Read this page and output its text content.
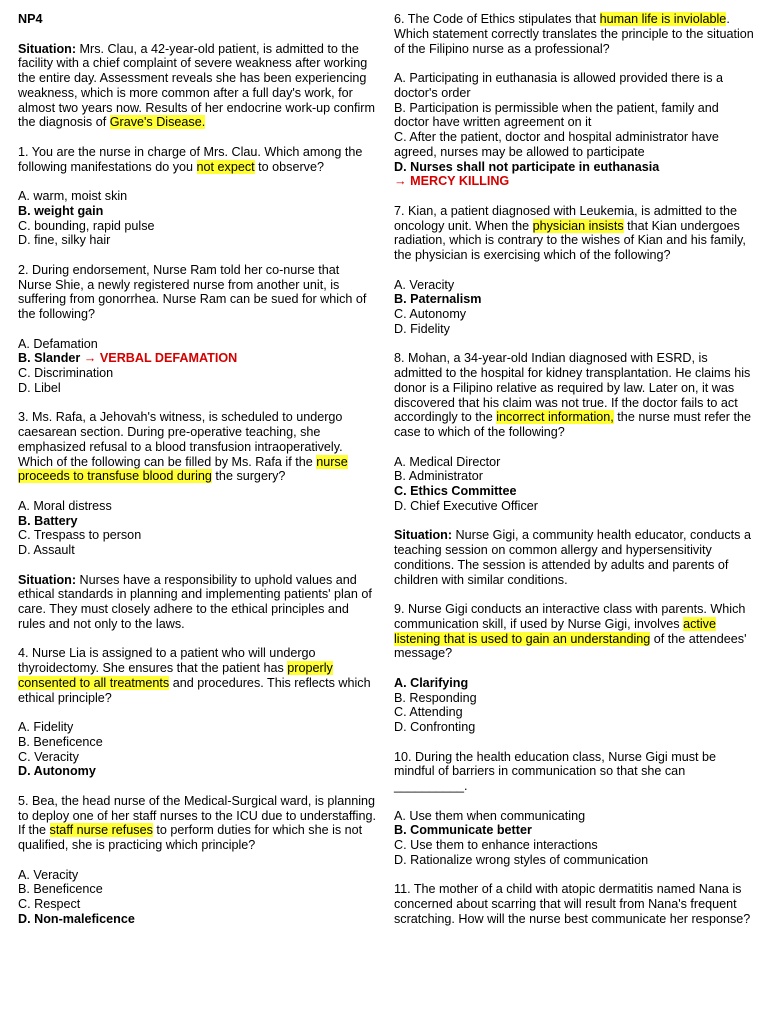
NP4

Situation: Mrs. Clau, a 42-year-old patient, is admitted to the facility with a chief complaint of severe weakness after working the entire day. Assessment reveals she has been experiencing weakness, which is more common after a full day's work, for almost two years now. Results of her endocrine work-up confirm the diagnosis of Grave's Disease.

1. You are the nurse in charge of Mrs. Clau. Which among the following manifestations do you not expect to observe?

A. warm, moist skin
B. weight gain
C. bounding, rapid pulse
D. fine, silky hair

2. During endorsement, Nurse Ram told her co-nurse that Nurse Shie, a newly registered nurse from another unit, is suffering from gonorrhea. Nurse Ram can be sued for which of the following?

A. Defamation
B. Slander → VERBAL DEFAMATION
C. Discrimination
D. Libel

3. Ms. Rafa, a Jehovah's witness, is scheduled to undergo caesarean section. During pre-operative teaching, she emphasized refusal to a blood transfusion intraoperatively. Which of the following can be filled by Ms. Rafa if the nurse proceeds to transfuse blood during the surgery?

A. Moral distress
B. Battery
C. Trespass to person
D. Assault

Situation: Nurses have a responsibility to uphold values and ethical standards in planning and implementing patients' plan of care. They must closely adhere to the ethical principles and rules and not only to the laws.

4. Nurse Lia is assigned to a patient who will undergo thyroidectomy. She ensures that the patient has properly consented to all treatments and procedures. This reflects which ethical principle?

A. Fidelity
B. Beneficence
C. Veracity
D. Autonomy

5. Bea, the head nurse of the Medical-Surgical ward, is planning to deploy one of her staff nurses to the ICU due to understaffing. If the staff nurse refuses to perform duties for which she is not qualified, she is practicing which principle?

A. Veracity
B. Beneficence
C. Respect
D. Non-maleficence

6. The Code of Ethics stipulates that human life is inviolable. Which statement correctly translates the principle to the situation of the Filipino nurse as a professional?

A. Participating in euthanasia is allowed provided there is a doctor's order
B. Participation is permissible when the patient, family and doctor have written agreement on it
C. After the patient, doctor and hospital administrator have agreed, nurses may be allowed to participate
D. Nurses shall not participate in euthanasia
→ MERCY KILLING

7. Kian, a patient diagnosed with Leukemia, is admitted to the oncology unit. When the physician insists that Kian undergoes radiation, which is contrary to the wishes of Kian and his family, the physician is exercising which of the following?

A. Veracity
B. Paternalism
C. Autonomy
D. Fidelity

8. Mohan, a 34-year-old Indian diagnosed with ESRD, is admitted to the hospital for kidney transplantation. He claims his donor is a Filipino relative as required by law. Later on, it was discovered that his claim was not true. If the doctor fails to act accordingly to the incorrect information, the nurse must refer the case to which of the following?

A. Medical Director
B. Administrator
C. Ethics Committee
D. Chief Executive Officer

Situation: Nurse Gigi, a community health educator, conducts a teaching session on common allergy and hypersensitivity conditions. The session is attended by adults and parents of children with similar conditions.

9. Nurse Gigi conducts an interactive class with parents. Which communication skill, if used by Nurse Gigi, involves active listening that is used to gain an understanding of the attendees' message?

A. Clarifying
B. Responding
C. Attending
D. Confronting

10. During the health education class, Nurse Gigi must be mindful of barriers in communication so that she can __________.

A. Use them when communicating
B. Communicate better
C. Use them to enhance interactions
D. Rationalize wrong styles of communication

11. The mother of a child with atopic dermatitis named Nana is concerned about scarring that will result from Nana's frequent scratching. How will the nurse best communicate her response?
